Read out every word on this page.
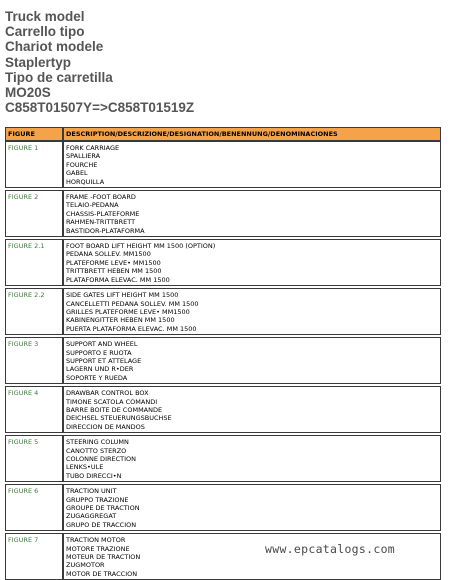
Truck model
Carrello tipo
Chariot modele
Staplertyp
Tipo de carretilla
MO20S
C858T01507Y=>C858T01519Z
FIGURE	DESCRIPTION/DESCRIZIONE/DESIGNATION/BENENNUNG/DENOMINACIONES
FIGURE 1	FORK CARRIAGE
SPALLIERA
FOURCHE
GABEL
HORQUILLA

FIGURE 2	FRAME -FOOT BOARD
TELAIO-PEDANA
CHASSIS-PLATEFORME
RAHMEN-TRITTBRETT
BASTIDOR-PLATAFORMA

FIGURE 2.1	FOOT BOARD LIFT HEIGHT MM 1500 (OPTION)
PEDANA SOLLEV. MM1500
PLATEFORME LEVE• MM1500
TRITTBRETT HEBEN MM 1500
PLATAFORMA ELEVAC. MM 1500

FIGURE 2.2	SIDE GATES LIFT HEIGHT MM 1500
CANCELLETTI PEDANA SOLLEV. MM 1500
GRILLES PLATEFORME LEVE• MM1500
KABINENGITTER HEBEN MM 1500
PUERTA PLATAFORMA ELEVAC. MM 1500

FIGURE 3	SUPPORT AND WHEEL
SUPPORTO E RUOTA
SUPPORT ET ATTELAGE
LAGERN UND R•DER
SOPORTE Y RUEDA

FIGURE 4	DRAWBAR CONTROL BOX
TIMONE SCATOLA COMANDI
BARRE BOITE DE COMMANDE
DEICHSEL STEUERUNGSBUCHSE
DIRECCION DE MANDOS

FIGURE 5	STEERING COLUMN
CANOTTO STERZO
COLONNE DIRECTION
LENKS•ULE
TUBO DIRECCI•N

FIGURE 6	TRACTION UNIT
GRUPPO TRAZIONE
GROUPE DE TRACTION
ZUGAGGREGAT
GRUPO DE TRACCION

FIGURE 7	TRACTION MOTOR
MOTORE TRAZIONE
MOTEUR DE TRACTION
ZUGMOTOR
MOTOR DE TRACCION
www.epcatalogs.com
